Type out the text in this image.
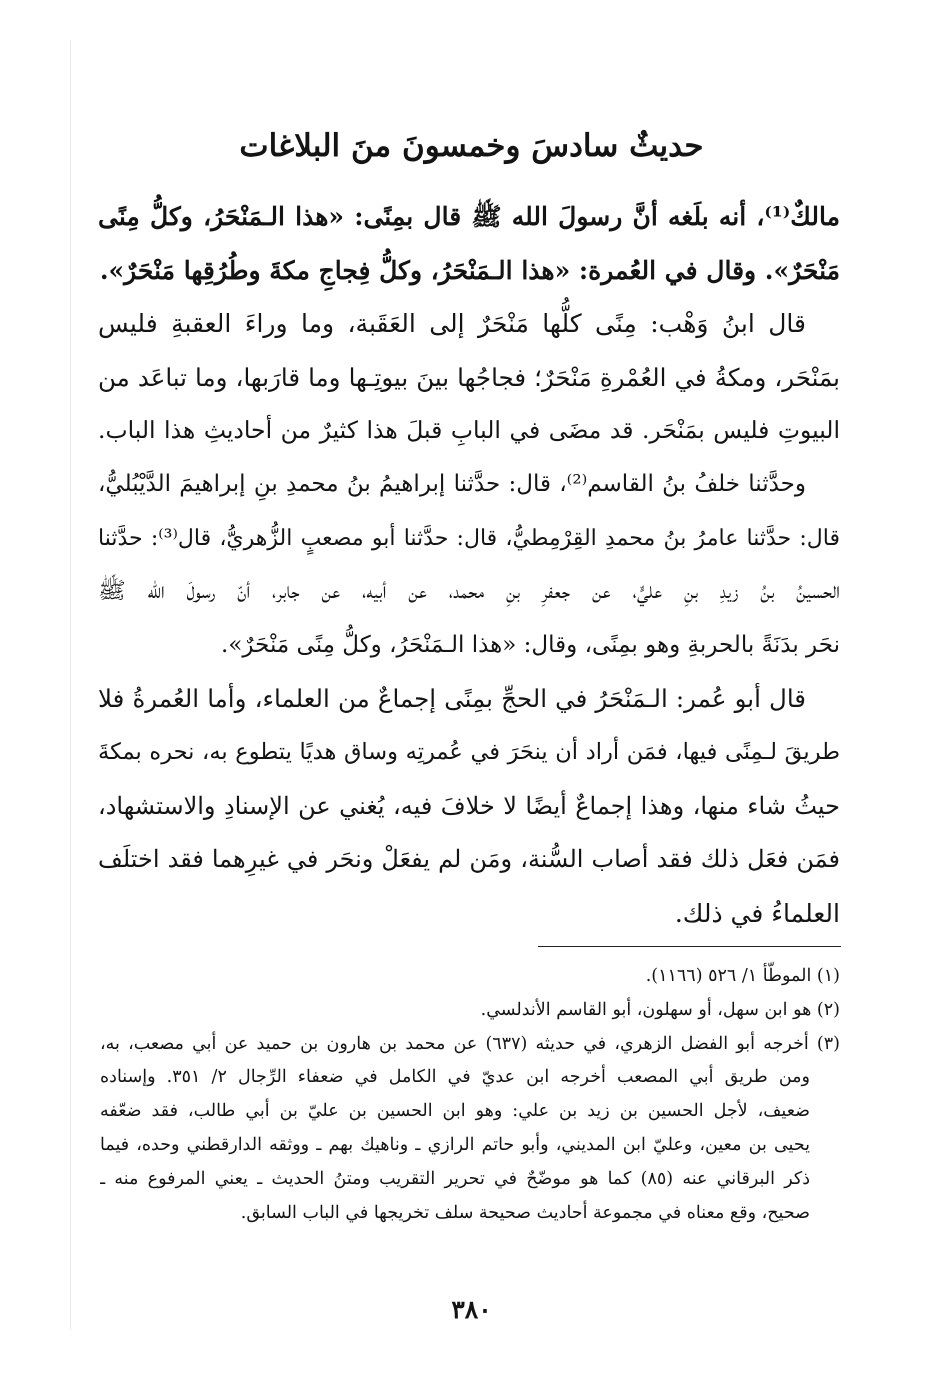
حديثٌ سادسَ وخمسونَ منَ البلاغات
مالكٌ⁽¹⁾، أنه بلَغه أنَّ رسولَ الله ﷺ قال بمِنًى: «هذا الـمَنْحَرُ، وكلُّ مِنًى
مَنْحَرٌ». وقال في العُمرة: «هذا الـمَنْحَرُ، وكلُّ فِجاجِ مكةَ وطُرُقِها مَنْحَرٌ».
قال ابنُ وَهْب: مِنًى كلُّها مَنْحَرٌ إلى العَقَبة، وما وراءَ العقبةِ فليس
بمَنْحَر، ومكةُ في العُمْرةِ مَنْحَرٌ؛ فجاجُها بينَ بيوتِـها وما قارَبها، وما تباعَد من
البيوتِ فليس بمَنْحَر. قد مضَى في البابِ قبلَ هذا كثيرٌ من أحاديثِ هذا الباب.
وحدَّثنا خلفُ بنُ القاسم⁽²⁾، قال: حدَّثنا إبراهيمُ بنُ محمدِ بنِ إبراهيمَ الدَّيْبُليُّ،
قال: حدَّثنا عامرُ بنُ محمدِ القِرْمِطيُّ، قال: حدَّثنا أبو مصعبٍ الزُّهريُّ، قال⁽³⁾: حدَّثنا
الحسينُ بنُ زيدِ بنِ عليٍّ، عن جعفرِ بنِ محمد، عن أبيه، عن جابر، أنّ رسولَ الله ﷺ
نحَر بدَنَةً بالحربةِ وهو بمِنًى، وقال: «هذا الـمَنْحَرُ، وكلُّ مِنًى مَنْحَرٌ».
قال أبو عُمر: الـمَنْحَرُ في الحجِّ بمِنًى إجماعٌ من العلماء، وأما العُمرةُ فلا
طريقَ لـمِنًى فيها، فمَن أراد أن ينحَرَ في عُمرتِه وساق هديًا يتطوع به، نحره بمكةَ
حيثُ شاء منها، وهذا إجماعٌ أيضًا لا خلافَ فيه، يُغني عن الإسنادِ والاستشهاد،
فمَن فعَل ذلك فقد أصاب السُّنة، ومَن لم يفعَلْ ونحَر في غيرِهما فقد اختلَف
العلماءُ في ذلك.
(١) الموطّأ ١/ ٥٢٦ (١١٦٦).
(٢) هو ابن سهل، أو سهلون، أبو القاسم الأندلسي.
(٣) أخرجه أبو الفضل الزهري، في حديثه (٦٣٧) عن محمد بن هارون بن حميد عن أبي مصعب، به،
ومن طريق أبي المصعب أخرجه ابن عديّ في الكامل في ضعفاء الرِّجال ٢/ ٣٥١. وإسناده
ضعيف، لأجل الحسين بن زيد بن علي: وهو ابن الحسين بن عليّ بن أبي طالب، فقد ضعّفه
يحيى بن معين، وعليّ ابن المديني، وأبو حاتم الرازي ـ وناهيك بهم ـ ووثقه الدارقطني وحده، فيما
ذكر البرقاني عنه (٨٥) كما هو موضّحٌ في تحرير التقريب ومتنُ الحديث ـ يعني المرفوع منه ـ
صحيح، وقع معناه في مجموعة أحاديث صحيحة سلف تخريجها في الباب السابق.
٣٨٠
